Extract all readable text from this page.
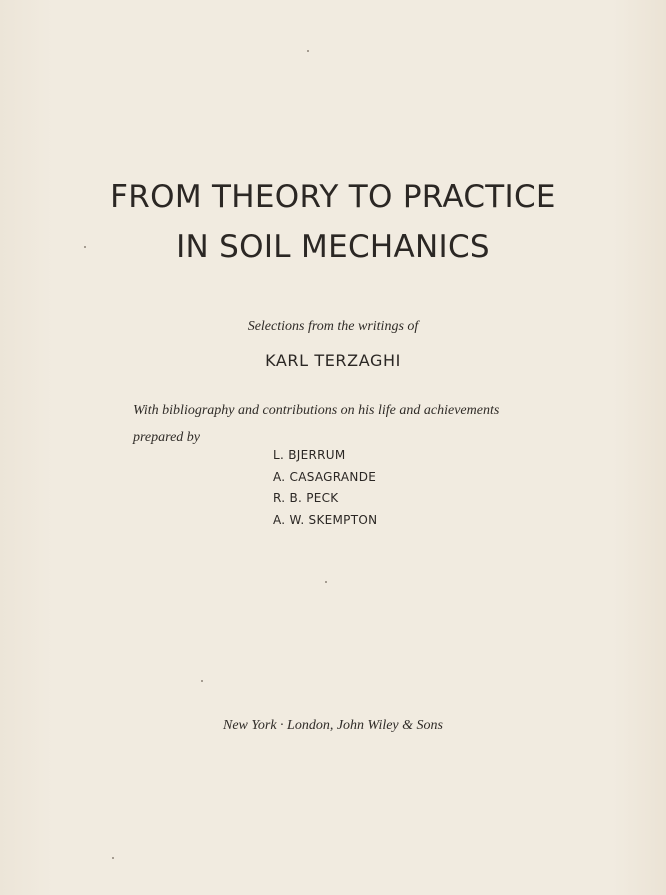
FROM THEORY TO PRACTICE
IN SOIL MECHANICS
Selections from the writings of
KARL TERZAGHI
With bibliography and contributions on his life and achievements
prepared by
L. BJERRUM
A. CASAGRANDE
R. B. PECK
A. W. SKEMPTON
New York · London, John Wiley & Sons
